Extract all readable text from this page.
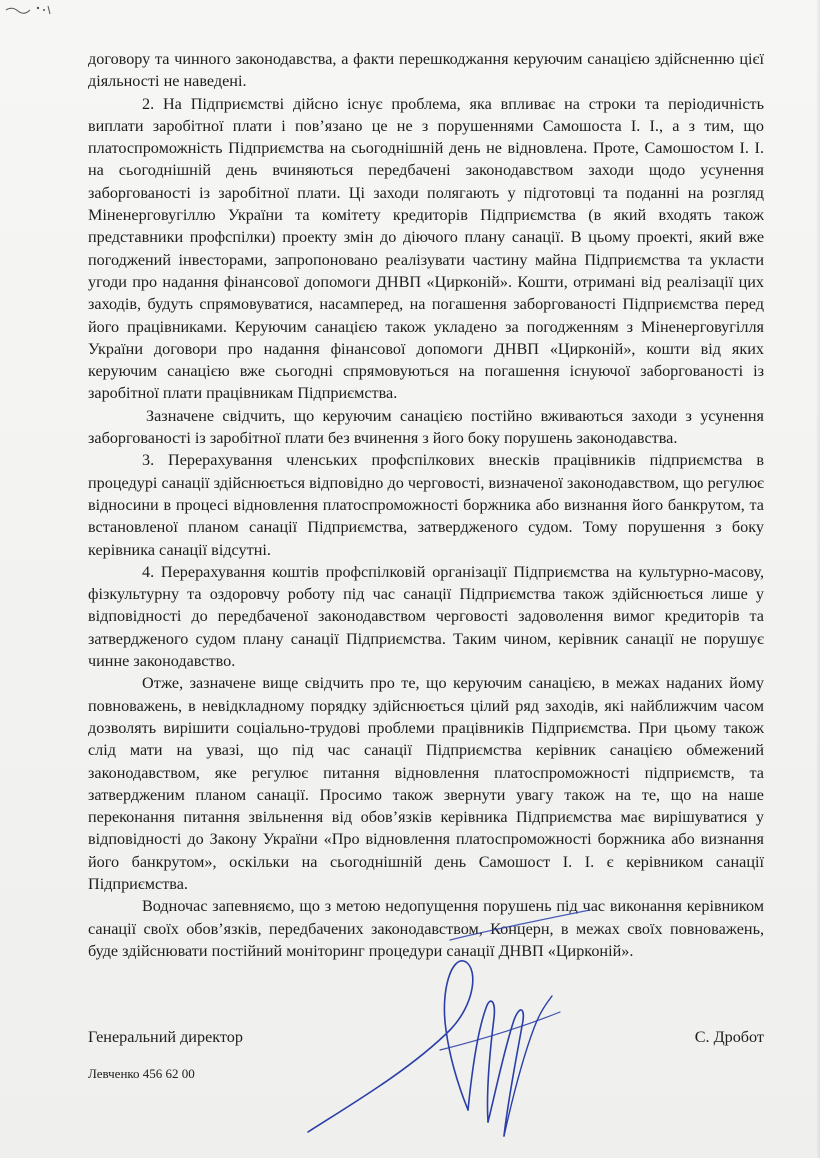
договору та чинного законодавства, а факти перешкоджання керуючим санацією здійсненню цієї діяльності не наведені.

2. На Підприємстві дійсно існує проблема, яка впливає на строки та періодичність виплати заробітної плати і пов’язано це не з порушеннями Самошоста І. І., а з тим, що платоспроможність Підприємства на сьогоднішній день не відновлена. Проте, Самошостом І. І. на сьогоднішній день вчиняються передбачені законодавством заходи щодо усунення заборгованості із заробітної плати. Ці заходи полягають у підготовці та поданні на розгляд Міненерговугіллю України та комітету кредиторів Підприємства (в який входять також представники профспілки) проекту змін до діючого плану санації. В цьому проекті, який вже погоджений інвесторами, запропоновано реалізувати частину майна Підприємства та укласти угоди про надання фінансової допомоги ДНВП «Цирконій». Кошти, отримані від реалізації цих заходів, будуть спрямовуватися, насамперед, на погашення заборгованості Підприємства перед його працівниками. Керуючим санацією також укладено за погодженням з Міненерговугілля України договори про надання фінансової допомоги ДНВП «Цирконій», кошти від яких керуючим санацією вже сьогодні спрямовуються на погашення існуючої заборгованості із заробітної плати працівникам Підприємства.

Зазначене свідчить, що керуючим санацією постійно вживаються заходи з усунення заборгованості із заробітної плати без вчинення з його боку порушень законодавства.

3. Перерахування членських профспілкових внесків працівників підприємства в процедурі санації здійснюється відповідно до черговості, визначеної законодавством, що регулює відносини в процесі відновлення платоспроможності боржника або визнання його банкрутом, та встановленої планом санації Підприємства, затвердженого судом. Тому порушення з боку керівника санації відсутні.

4. Перерахування коштів профспілковій організації Підприємства на культурно-масову, фізкультурну та оздоровчу роботу під час санації Підприємства також здійснюється лише у відповідності до передбаченої законодавством черговості задоволення вимог кредиторів та затвердженого судом плану санації Підприємства. Таким чином, керівник санації не порушує чинне законодавство.

Отже, зазначене вище свідчить про те, що керуючим санацією, в межах наданих йому повноважень, в невідкладному порядку здійснюється цілий ряд заходів, які найближчим часом дозволять вирішити соціально-трудові проблеми працівників Підприємства. При цьому також слід мати на увазі, що під час санації Підприємства керівник санацією обмежений законодавством, яке регулює питання відновлення платоспроможності підприємств, та затвердженим планом санації. Просимо також звернути увагу також на те, що на наше переконання питання звільнення від обов’язків керівника Підприємства має вирішуватися у відповідності до Закону України «Про відновлення платоспроможності боржника або визнання його банкрутом», оскільки на сьогоднішній день Самошост І. І. є керівником санації Підприємства.

Водночас запевняємо, що з метою недопущення порушень під час виконання керівником санації своїх обов’язків, передбачених законодавством, Концерн, в межах своїх повноважень, буде здійснювати постійний моніторинг процедури санації ДНВП «Цирконій».

Генеральний директор	С. Дробот
Левченко 456 62 00
